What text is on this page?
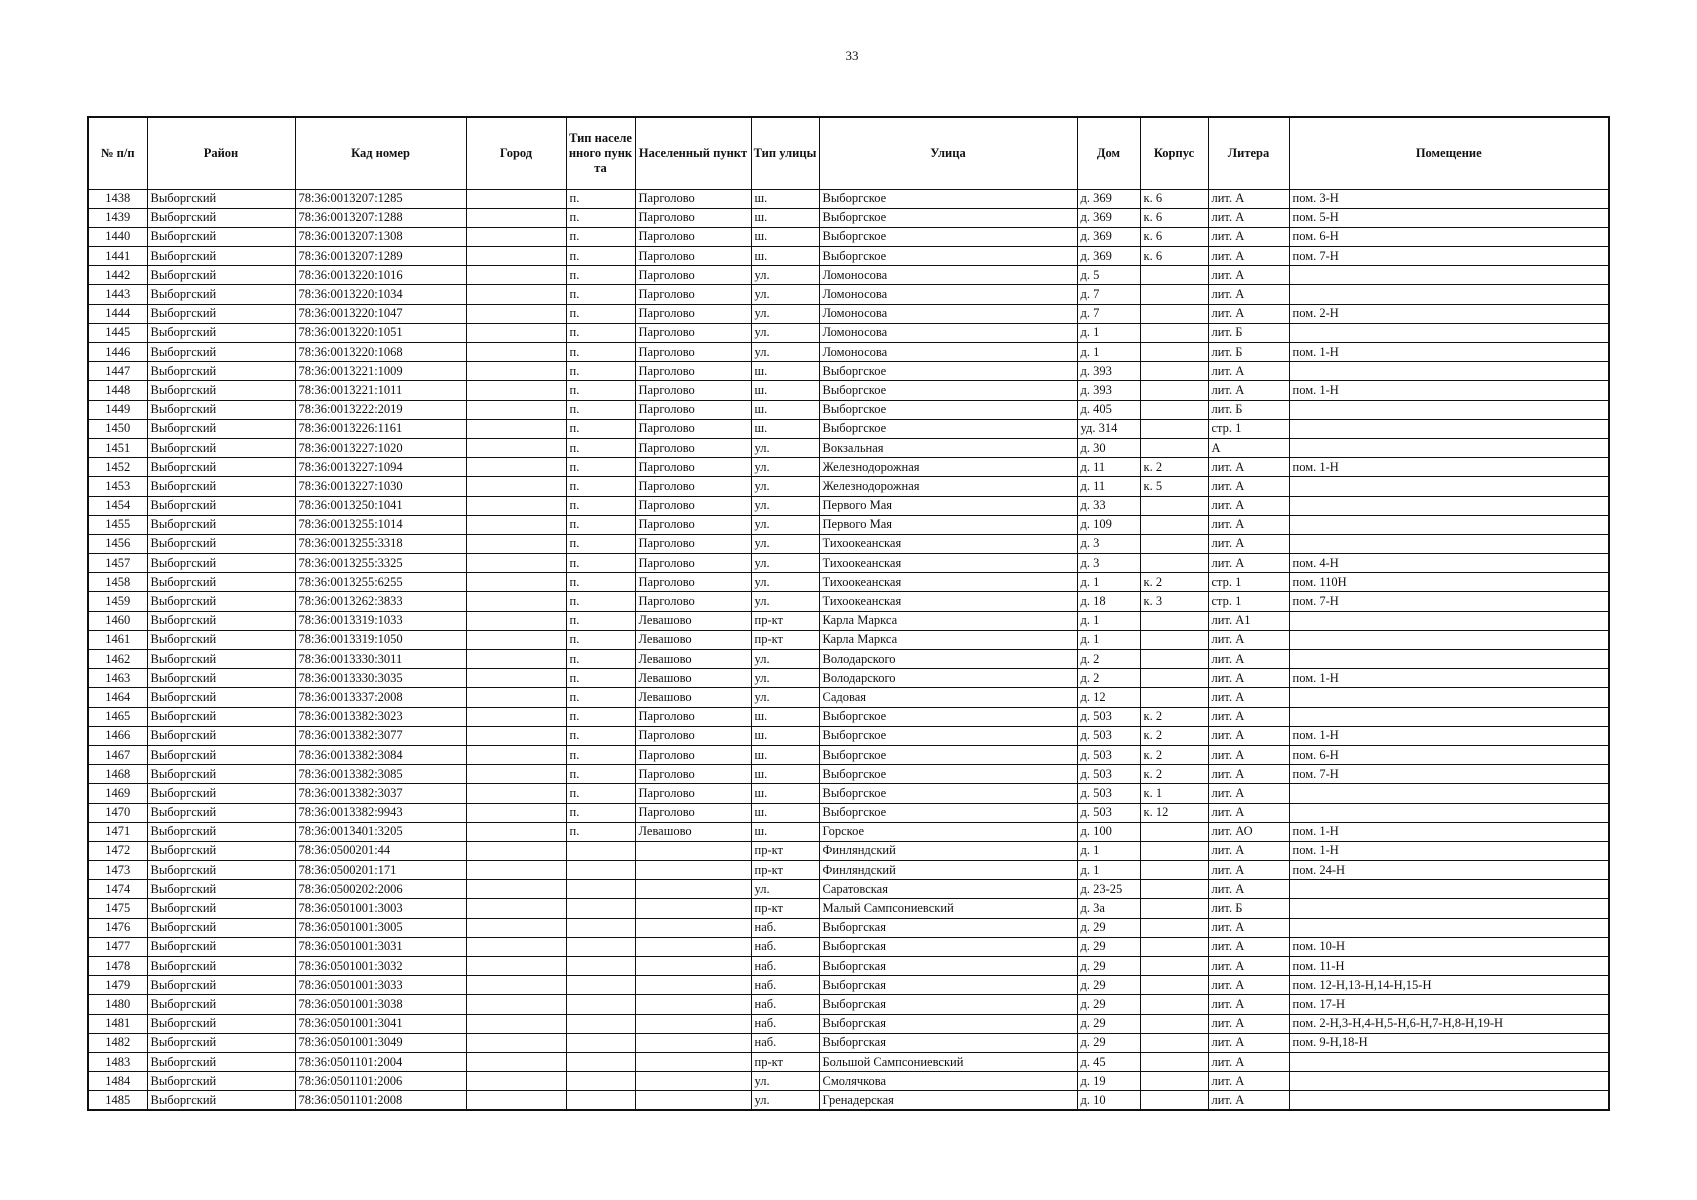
33
№ п/п	Район	Кад номер	Город	Тип населенного пункта	Населенный пункт	Тип улицы	Улица	Дом	Корпус	Литера	Помещение
1438	Выборгский	78:36:0013207:1285		п.	Парголово	ш.	Выборгское	д. 369	к. 6	лит. А	пом. 3-Н
1439	Выборгский	78:36:0013207:1288		п.	Парголово	ш.	Выборгское	д. 369	к. 6	лит. А	пом. 5-Н
1440	Выборгский	78:36:0013207:1308		п.	Парголово	ш.	Выборгское	д. 369	к. 6	лит. А	пом. 6-Н
1441	Выборгский	78:36:0013207:1289		п.	Парголово	ш.	Выборгское	д. 369	к. 6	лит. А	пом. 7-Н
1442	Выборгский	78:36:0013220:1016		п.	Парголово	ул.	Ломоносова	д. 5		лит. А	
1443	Выборгский	78:36:0013220:1034		п.	Парголово	ул.	Ломоносова	д. 7		лит. А	
1444	Выборгский	78:36:0013220:1047		п.	Парголово	ул.	Ломоносова	д. 7		лит. А	пом. 2-Н
1445	Выборгский	78:36:0013220:1051		п.	Парголово	ул.	Ломоносова	д. 1		лит. Б	
1446	Выборгский	78:36:0013220:1068		п.	Парголово	ул.	Ломоносова	д. 1		лит. Б	пом. 1-Н
1447	Выборгский	78:36:0013221:1009		п.	Парголово	ш.	Выборгское	д. 393		лит. А	
1448	Выборгский	78:36:0013221:1011		п.	Парголово	ш.	Выборгское	д. 393		лит. А	пом. 1-Н
1449	Выборгский	78:36:0013222:2019		п.	Парголово	ш.	Выборгское	д. 405		лит. Б	
1450	Выборгский	78:36:0013226:1161		п.	Парголово	ш.	Выборгское	уд. 314		стр. 1	
1451	Выборгский	78:36:0013227:1020		п.	Парголово	ул.	Вокзальная	д. 30		А	
1452	Выборгский	78:36:0013227:1094		п.	Парголово	ул.	Железнодорожная	д. 11	к. 2	лит. А	пом. 1-Н
1453	Выборгский	78:36:0013227:1030		п.	Парголово	ул.	Железнодорожная	д. 11	к. 5	лит. А	
1454	Выборгский	78:36:0013250:1041		п.	Парголово	ул.	Первого Мая	д. 33		лит. А	
1455	Выборгский	78:36:0013255:1014		п.	Парголово	ул.	Первого Мая	д. 109		лит. А	
1456	Выборгский	78:36:0013255:3318		п.	Парголово	ул.	Тихоокеанская	д. 3		лит. А	
1457	Выборгский	78:36:0013255:3325		п.	Парголово	ул.	Тихоокеанская	д. 3		лит. А	пом. 4-Н
1458	Выборгский	78:36:0013255:6255		п.	Парголово	ул.	Тихоокеанская	д. 1	к. 2	стр. 1	пом. 110Н
1459	Выборгский	78:36:0013262:3833		п.	Парголово	ул.	Тихоокеанская	д. 18	к. 3	стр. 1	пом. 7-Н
1460	Выборгский	78:36:0013319:1033		п.	Левашово	пр-кт	Карла Маркса	д. 1		лит. А1	
1461	Выборгский	78:36:0013319:1050		п.	Левашово	пр-кт	Карла Маркса	д. 1		лит. А	
1462	Выборгский	78:36:0013330:3011		п.	Левашово	ул.	Володарского	д. 2		лит. А	
1463	Выборгский	78:36:0013330:3035		п.	Левашово	ул.	Володарского	д. 2		лит. А	пом. 1-Н
1464	Выборгский	78:36:0013337:2008		п.	Левашово	ул.	Садовая	д. 12		лит. А	
1465	Выборгский	78:36:0013382:3023		п.	Парголово	ш.	Выборгское	д. 503	к. 2	лит. А	
1466	Выборгский	78:36:0013382:3077		п.	Парголово	ш.	Выборгское	д. 503	к. 2	лит. А	пом. 1-Н
1467	Выборгский	78:36:0013382:3084		п.	Парголово	ш.	Выборгское	д. 503	к. 2	лит. А	пом. 6-Н
1468	Выборгский	78:36:0013382:3085		п.	Парголово	ш.	Выборгское	д. 503	к. 2	лит. А	пом. 7-Н
1469	Выборгский	78:36:0013382:3037		п.	Парголово	ш.	Выборгское	д. 503	к. 1	лит. А	
1470	Выборгский	78:36:0013382:9943		п.	Парголово	ш.	Выборгское	д. 503	к. 12	лит. А	
1471	Выборгский	78:36:0013401:3205		п.	Левашово	ш.	Горское	д. 100		лит. АО	пом. 1-Н
1472	Выборгский	78:36:0500201:44				пр-кт	Финляндский	д. 1		лит. А	пом. 1-Н
1473	Выборгский	78:36:0500201:171				пр-кт	Финляндский	д. 1		лит. А	пом. 24-Н
1474	Выборгский	78:36:0500202:2006				ул.	Саратовская	д. 23-25		лит. А	
1475	Выборгский	78:36:0501001:3003				пр-кт	Малый Сампсониевский	д. 3а		лит. Б	
1476	Выборгский	78:36:0501001:3005				наб.	Выборгская	д. 29		лит. А	
1477	Выборгский	78:36:0501001:3031				наб.	Выборгская	д. 29		лит. А	пом. 10-Н
1478	Выборгский	78:36:0501001:3032				наб.	Выборгская	д. 29		лит. А	пом. 11-Н
1479	Выборгский	78:36:0501001:3033				наб.	Выборгская	д. 29		лит. А	пом. 12-Н,13-Н,14-Н,15-Н
1480	Выборгский	78:36:0501001:3038				наб.	Выборгская	д. 29		лит. А	пом. 17-Н
1481	Выборгский	78:36:0501001:3041				наб.	Выборгская	д. 29		лит. А	пом. 2-Н,3-Н,4-Н,5-Н,6-Н,7-Н,8-Н,19-Н
1482	Выборгский	78:36:0501001:3049				наб.	Выборгская	д. 29		лит. А	пом. 9-Н,18-Н
1483	Выборгский	78:36:0501101:2004				пр-кт	Большой Сампсониевский	д. 45		лит. А	
1484	Выборгский	78:36:0501101:2006				ул.	Смолячкова	д. 19		лит. А	
1485	Выборгский	78:36:0501101:2008				ул.	Гренадерская	д. 10		лит. А	
